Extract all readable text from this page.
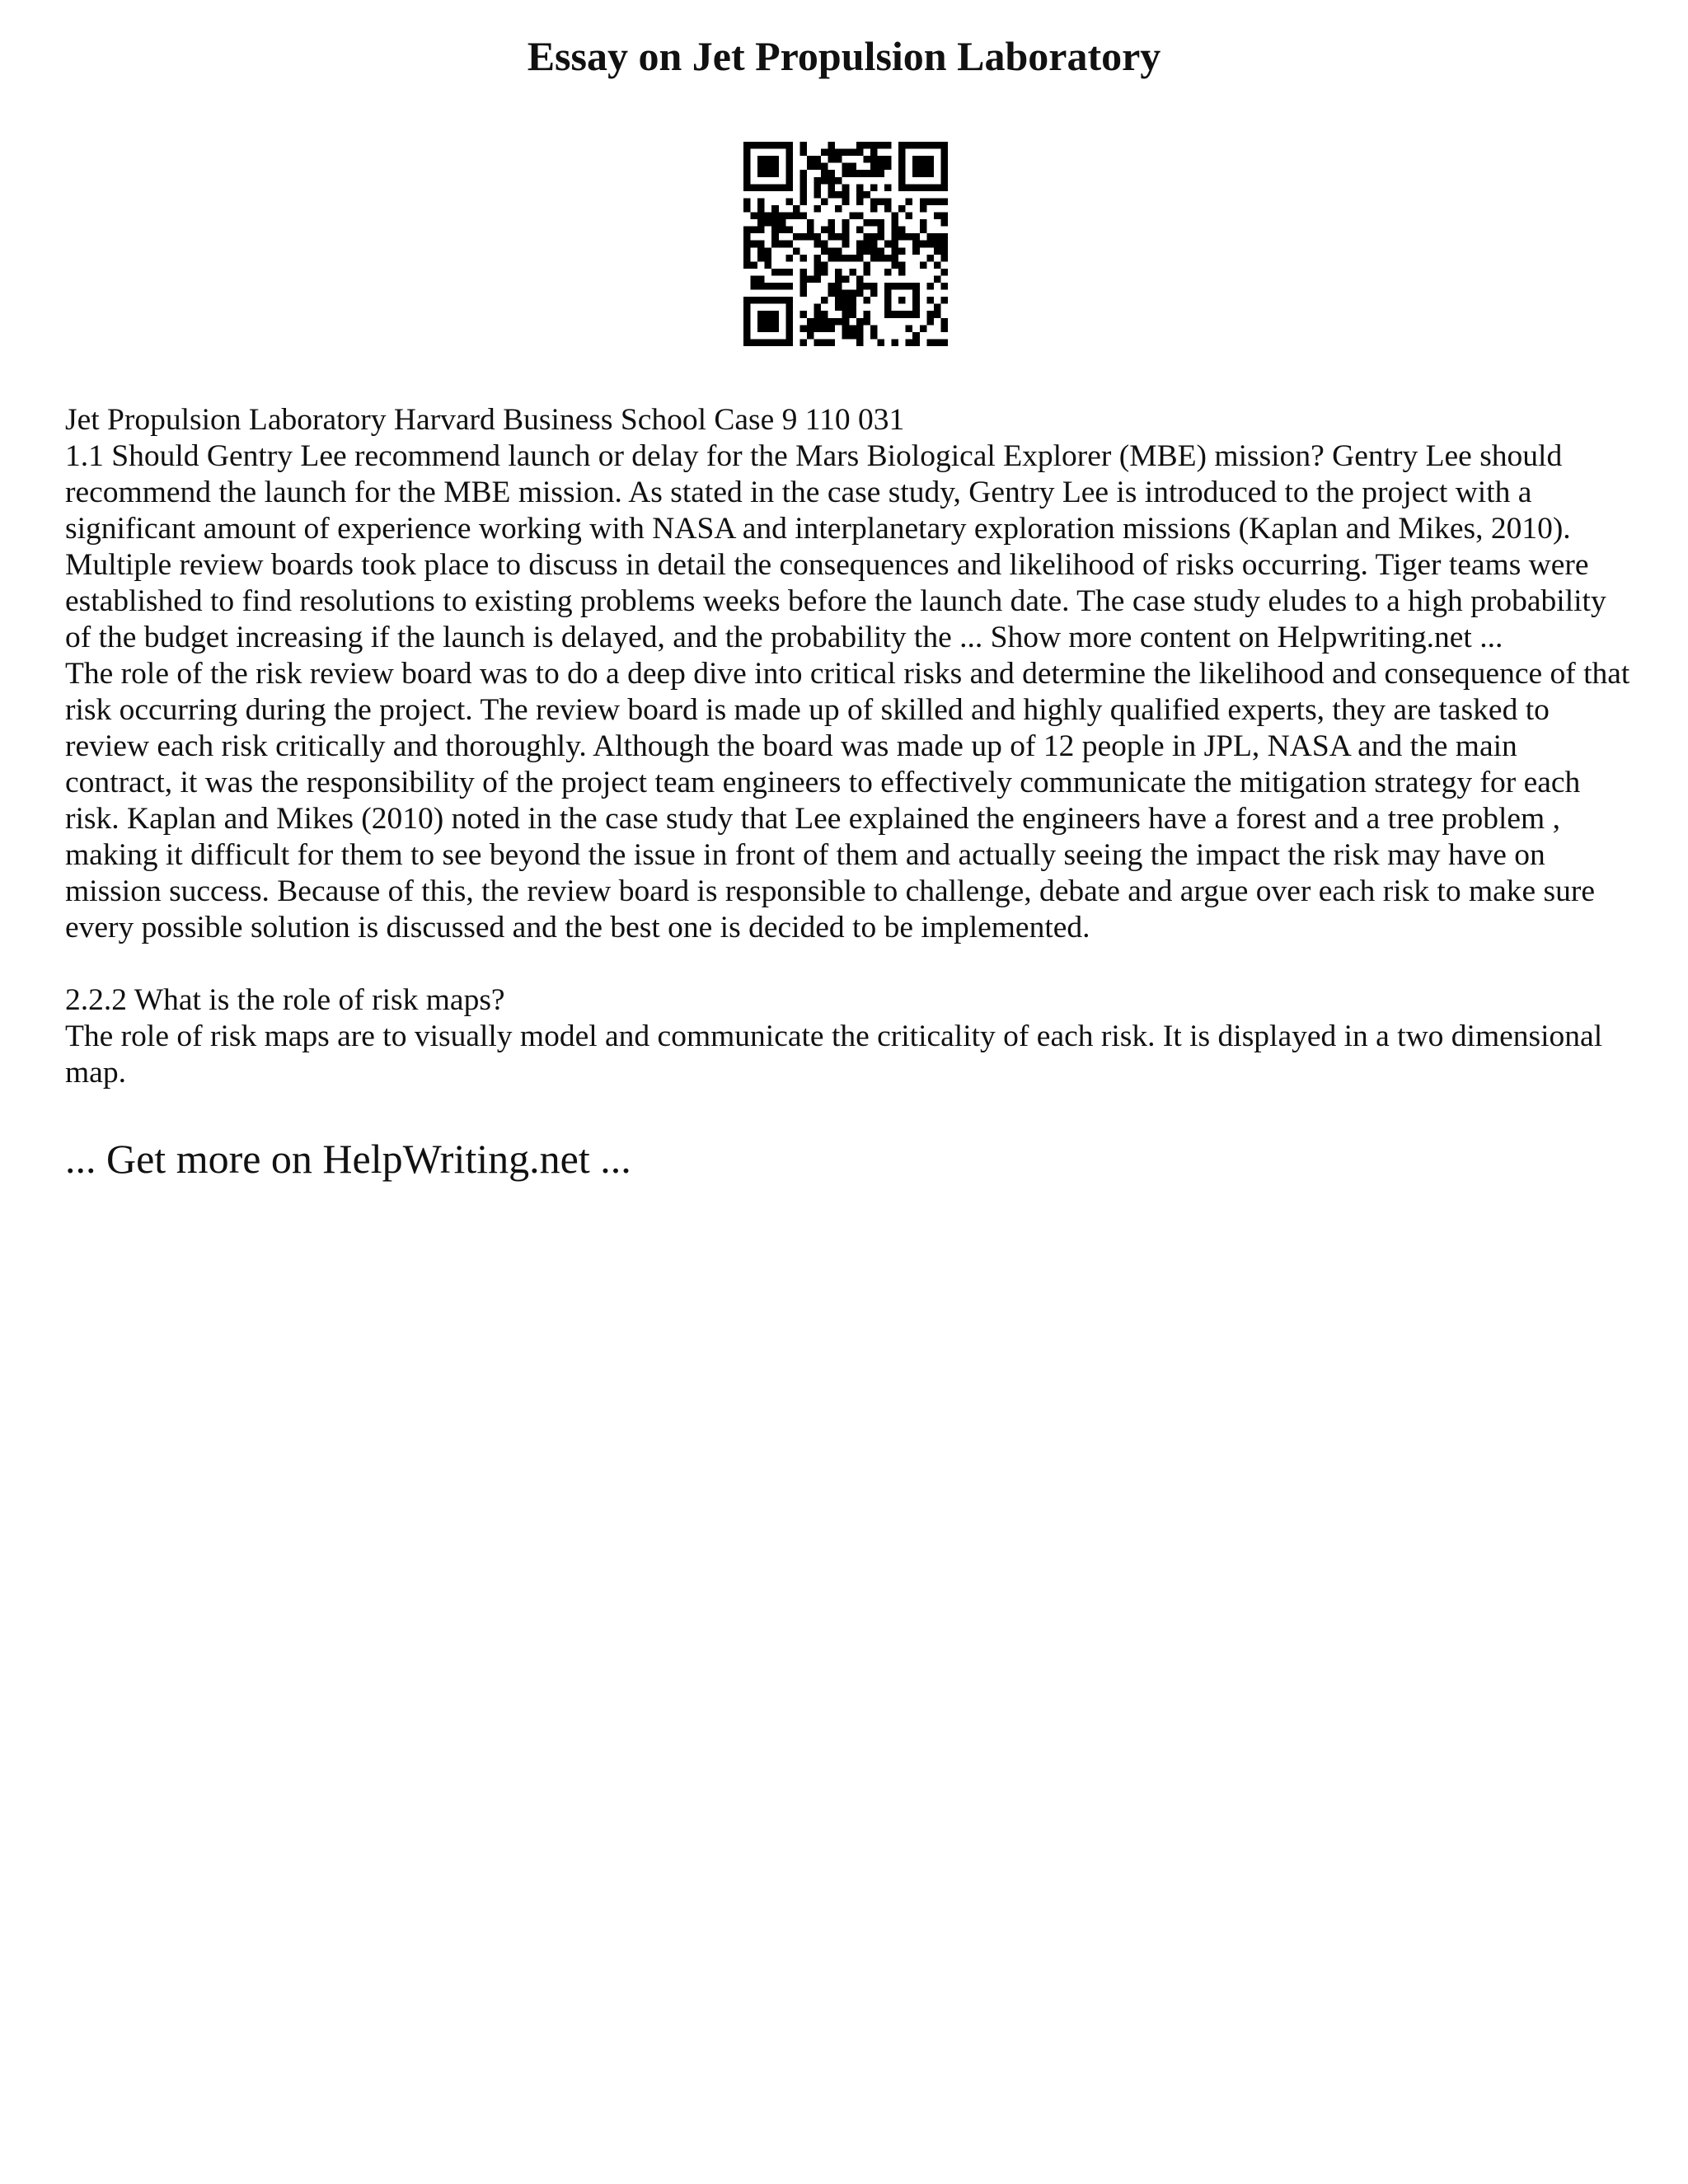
Essay on Jet Propulsion Laboratory

Jet Propulsion Laboratory Harvard Business School Case 9 110 031

1.1 Should Gentry Lee recommend launch or delay for the Mars Biological Explorer (MBE) mission? Gentry Lee should recommend the launch for the MBE mission. As stated in the case study, Gentry Lee is introduced to the project with a significant amount of experience working with NASA and interplanetary exploration missions (Kaplan and Mikes, 2010). Multiple review boards took place to discuss in detail the consequences and likelihood of risks occurring. Tiger teams were established to find resolutions to existing problems weeks before the launch date. The case study eludes to a high probability of the budget increasing if the launch is delayed, and the probability the ... Show more content on Helpwriting.net ...

The role of the risk review board was to do a deep dive into critical risks and determine the likelihood and consequence of that risk occurring during the project. The review board is made up of skilled and highly qualified experts, they are tasked to review each risk critically and thoroughly. Although the board was made up of 12 people in JPL, NASA and the main contract, it was the responsibility of the project team engineers to effectively communicate the mitigation strategy for each risk. Kaplan and Mikes (2010) noted in the case study that Lee explained the engineers have a forest and a tree problem , making it difficult for them to see beyond the issue in front of them and actually seeing the impact the risk may have on mission success. Because of this, the review board is responsible to challenge, debate and argue over each risk to make sure every possible solution is discussed and the best one is decided to be implemented.

2.2.2 What is the role of risk maps?

The role of risk maps are to visually model and communicate the criticality of each risk. It is displayed in a two dimensional map.

... Get more on HelpWriting.net ...
